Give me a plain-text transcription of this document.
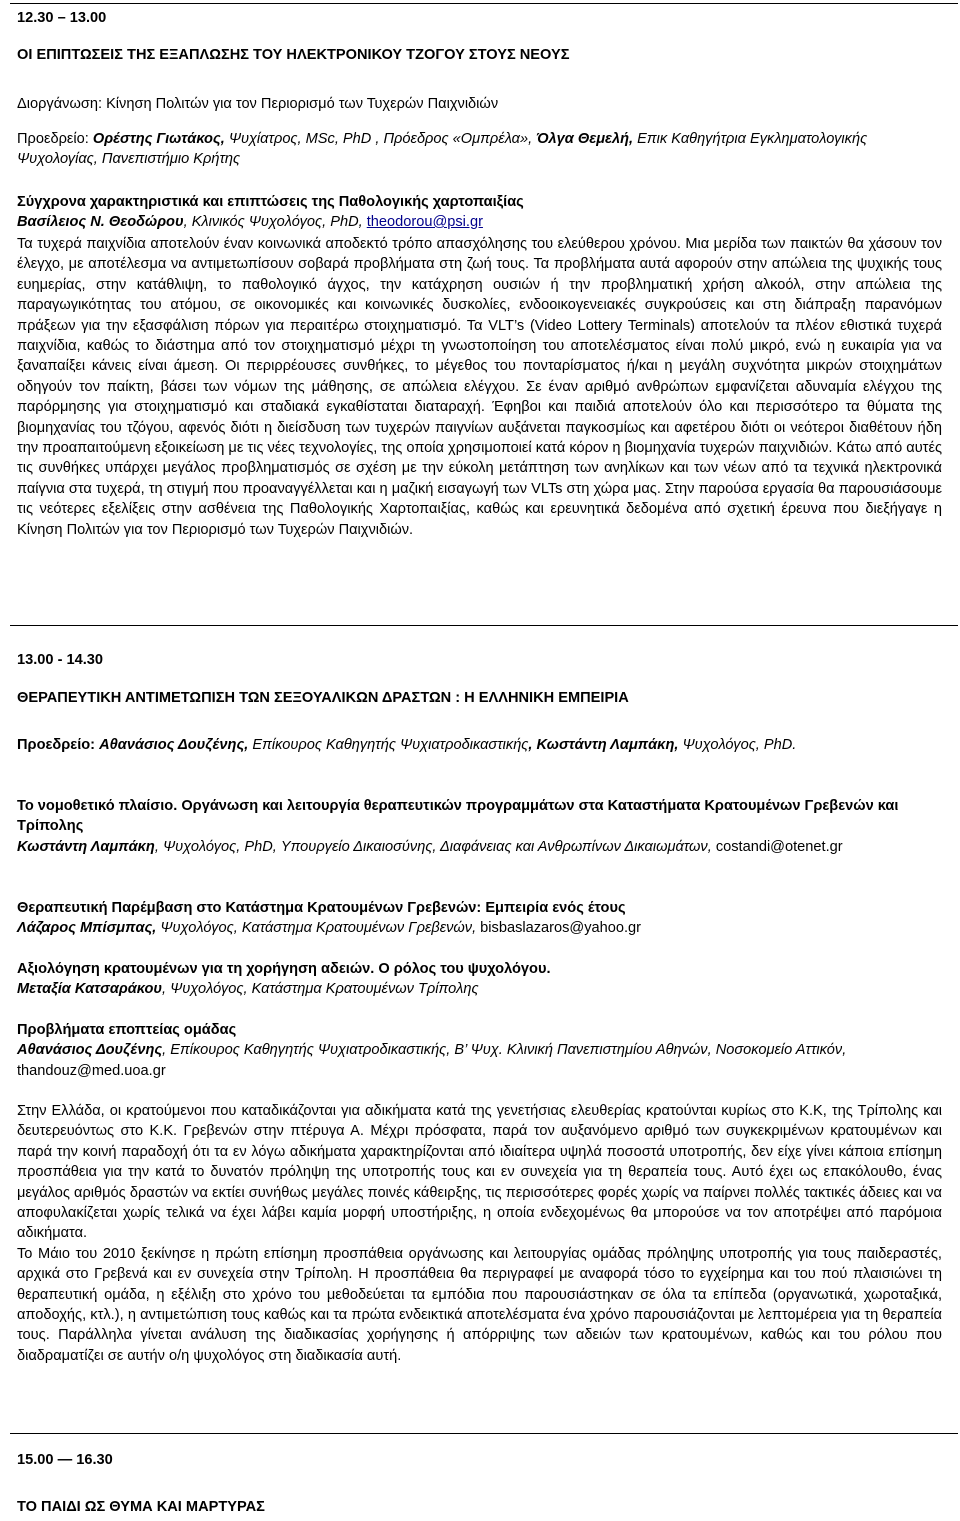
12.30 – 13.00
ΟΙ ΕΠΙΠΤΩΣΕΙΣ ΤΗΣ ΕΞΑΠΛΩΣΗΣ ΤΟΥ ΗΛΕΚΤΡΟΝΙΚΟΥ ΤΖΟΓΟΥ ΣΤΟΥΣ ΝΕΟΥΣ
Διοργάνωση: Κίνηση Πολιτών για τον Περιορισμό των Τυχερών Παιχνιδιών
Προεδρείο: Ορέστης Γιωτάκος, Ψυχίατρος, MSc, PhD , Πρόεδρος «Ομπρέλα», Όλγα Θεμελή, Επικ Καθηγήτρια Εγκληματολογικής Ψυχολογίας, Πανεπιστήμιο Κρήτης
Σύγχρονα χαρακτηριστικά και επιπτώσεις της Παθολογικής χαρτοπαιξίας
Βασίλειος Ν. Θεοδώρου, Κλινικός Ψυχολόγος, PhD, theodorou@psi.gr
Τα τυχερά παιχνίδια αποτελούν έναν κοινωνικά αποδεκτό τρόπο απασχόλησης του ελεύθερου χρόνου. Μια μερίδα των παικτών θα χάσουν τον έλεγχο, με αποτέλεσμα να αντιμετωπίσουν σοβαρά προβλήματα στη ζωή τους. Τα προβλήματα αυτά αφορούν στην απώλεια της ψυχικής τους ευημερίας, στην κατάθλιψη, το παθολογικό άγχος, την κατάχρηση ουσιών ή την προβληματική χρήση αλκοόλ, στην απώλεια της παραγωγικότητας του ατόμου, σε οικονομικές και κοινωνικές δυσκολίες, ενδοοικογενειακές συγκρούσεις και στη διάπραξη παρανόμων πράξεων για την εξασφάλιση πόρων για περαιτέρω στοιχηματισμό. Τα VLT’s (Video Lottery Terminals) αποτελούν τα πλέον εθιστικά τυχερά παιχνίδια, καθώς το διάστημα από τον στοιχηματισμό μέχρι τη γνωστοποίηση του αποτελέσματος είναι πολύ μικρό, ενώ η ευκαιρία για να ξαναπαίξει κάνεις είναι άμεση. Οι περιρρέουσες συνθήκες, το μέγεθος του πονταρίσματος ή/και η μεγάλη συχνότητα μικρών στοιχημάτων οδηγούν τον παίκτη, βάσει των νόμων της μάθησης, σε απώλεια ελέγχου. Σε έναν αριθμό ανθρώπων εμφανίζεται αδυναμία ελέγχου της παρόρμησης για στοιχηματισμό και σταδιακά εγκαθίσταται διαταραχή. Έφηβοι και παιδιά αποτελούν όλο και περισσότερο τα θύματα της βιομηχανίας του τζόγου, αφενός διότι η διείσδυση των τυχερών παιγνίων αυξάνεται παγκοσμίως και αφετέρου διότι οι νεότεροι διαθέτουν ήδη την προαπαιτούμενη εξοικείωση με τις νέες τεχνολογίες, της οποία χρησιμοποιεί κατά κόρον η βιομηχανία τυχερών παιχνιδιών. Κάτω από αυτές τις συνθήκες υπάρχει μεγάλος προβληματισμός σε σχέση με την εύκολη μετάπτηση των ανηλίκων και των νέων από τα τεχνικά ηλεκτρονικά παίγνια στα τυχερά, τη στιγμή που προαναγγέλλεται και η μαζική εισαγωγή των VLTs στη χώρα μας. Στην παρούσα εργασία θα παρουσιάσουμε τις νεότερες εξελίξεις στην ασθένεια της Παθολογικής Χαρτοπαιξίας, καθώς και ερευνητικά δεδομένα από σχετική έρευνα που διεξήγαγε η Κίνηση Πολιτών για τον Περιορισμό των Τυχερών Παιχνιδιών.
13.00 - 14.30
ΘΕΡΑΠΕΥΤΙΚΗ ΑΝΤΙΜΕΤΩΠΙΣΗ ΤΩΝ ΣΕΞΟΥΑΛΙΚΩΝ ΔΡΑΣΤΩΝ : Η ΕΛΛΗΝΙΚΗ ΕΜΠΕΙΡΙΑ
Προεδρείο: Αθανάσιος Δουζένης, Επίκουρος Καθηγητής Ψυχιατροδικαστικής, Κωστάντη Λαμπάκη, Ψυχολόγος, PhD.
Το νομοθετικό πλαίσιο. Οργάνωση και λειτουργία θεραπευτικών προγραμμάτων στα Καταστήματα Κρατουμένων Γρεβενών και Τρίπολης
Κωστάντη Λαμπάκη, Ψυχολόγος, PhD, Υπουργείο Δικαιοσύνης, Διαφάνειας και Ανθρωπίνων Δικαιωμάτων, costandi@otenet.gr
Θεραπευτική Παρέμβαση στο Κατάστημα Κρατουμένων Γρεβενών: Εμπειρία ενός έτους
Λάζαρος Μπίσμπας, Ψυχολόγος, Κατάστημα Κρατουμένων Γρεβενών, bisbaslazaros@yahoo.gr
Αξιολόγηση κρατουμένων για τη χορήγηση αδειών. Ο ρόλος του ψυχολόγου.
Μεταξία Κατσαράκου, Ψυχολόγος, Κατάστημα Κρατουμένων Τρίπολης
Προβλήματα εποπτείας ομάδας
Αθανάσιος Δουζένης, Επίκουρος Καθηγητής Ψυχιατροδικαστικής, Β’ Ψυχ. Κλινική Πανεπιστημίου Αθηνών, Νοσοκομείο Αττικόν, thandouz@med.uoa.gr

Στην Ελλάδα, οι κρατούμενοι που καταδικάζονται για αδικήματα κατά της γενετήσιας ελευθερίας κρατούνται κυρίως στο Κ.Κ, της Τρίπολης και δευτερευόντως στο Κ.Κ. Γρεβενών στην πτέρυγα Α. Μέχρι πρόσφατα, παρά τον αυξανόμενο αριθμό των συγκεκριμένων κρατουμένων και παρά την κοινή παραδοχή ότι τα εν λόγω αδικήματα χαρακτηρίζονται από ιδιαίτερα υψηλά ποσοστά υποτροπής, δεν είχε γίνει κάποια επίσημη προσπάθεια για την κατά το δυνατόν πρόληψη της υποτροπής τους και εν συνεχεία για τη θεραπεία τους. Αυτό έχει ως επακόλουθο, ένας μεγάλος αριθμός δραστών να εκτίει συνήθως μεγάλες ποινές κάθειρξης, τις περισσότερες φορές χωρίς να παίρνει πολλές τακτικές άδειες και να αποφυλακίζεται χωρίς τελικά να έχει λάβει καμία μορφή υποστήριξης, η οποία ενδεχομένως θα μπορούσε να τον αποτρέψει από παρόμοια αδικήματα.

Το Μάιο του 2010 ξεκίνησε η πρώτη επίσημη προσπάθεια οργάνωσης και λειτουργίας ομάδας πρόληψης υποτροπής για τους παιδεραστές, αρχικά στο Γρεβενά και εν συνεχεία στην Τρίπολη. Η προσπάθεια θα περιγραφεί με αναφορά τόσο το εγχείρημα και του πού πλαισιώνει τη θεραπευτική ομάδα, η εξέλιξη στο χρόνο του μεθοδεύεται τα εμπόδια που παρουσιάστηκαν σε όλα τα επίπεδα (οργανωτικά, χωροταξικά, αποδοχής, κτλ.), η αντιμετώπιση τους καθώς και τα πρώτα ενδεικτικά αποτελέσματα ένα χρόνο παρουσιάζονται με λεπτομέρεια για τη θεραπεία τους. Παράλληλα γίνεται ανάλυση της διαδικασίας χορήγησης ή απόρριψης των αδειών των κρατουμένων, καθώς και του ρόλου που διαδραματίζει σε αυτήν ο/η ψυχολόγος στη διαδικασία αυτή.

15.00 — 16.30
ΤΟ ΠΑΙΔΙ ΩΣ ΘΥΜΑ ΚΑΙ ΜΑΡΤΥΡΑΣ
